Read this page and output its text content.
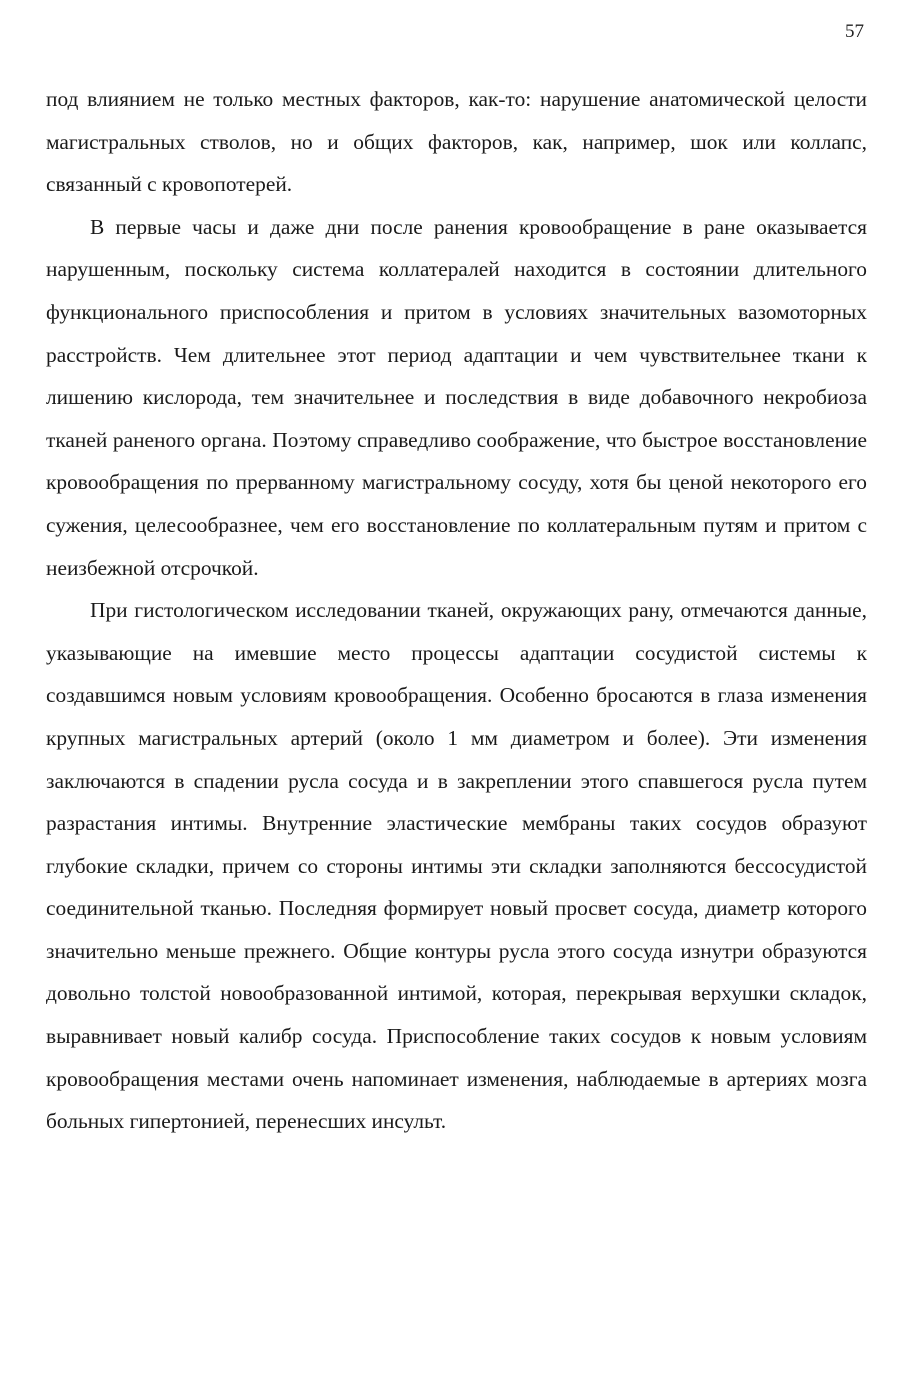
57

под влиянием не только местных факторов, как-то: нарушение анатомической целости магистральных стволов, но и общих факторов, как, например, шок или коллапс, связанный с кровопотерей.

В первые часы и даже дни после ранения кровообращение в ране оказывается нарушенным, поскольку система коллатералей находится в состоянии длительного функционального приспособления и притом в условиях значительных вазомоторных расстройств. Чем длительнее этот период адаптации и чем чувствительнее ткани к лишению кислорода, тем значительнее и последствия в виде добавочного некробиоза тканей раненого органа. Поэтому справедливо соображение, что быстрое восстановление кровообращения по прерванному магистральному сосуду, хотя бы ценой некоторого его сужения, целесообразнее, чем его восстановление по коллатеральным путям и притом с неизбежной отсрочкой.

При гистологическом исследовании тканей, окружающих рану, отмечаются данные, указывающие на имевшие место процессы адаптации сосудистой системы к создавшимся новым условиям кровообращения. Особенно бросаются в глаза изменения крупных магистральных артерий (около 1 мм диаметром и более). Эти изменения заключаются в спадении русла сосуда и в закреплении этого спавшегося русла путем разрастания интимы. Внутренние эластические мембраны таких сосудов образуют глубокие складки, причем со стороны интимы эти складки заполняются бессосудистой соединительной тканью. Последняя формирует новый просвет сосуда, диаметр которого значительно меньше прежнего. Общие контуры русла этого сосуда изнутри образуются довольно толстой новообразованной интимой, которая, перекрывая верхушки складок, выравнивает новый калибр сосуда. Приспособление таких сосудов к новым условиям кровообращения местами очень напоминает изменения, наблюдаемые в артериях мозга больных гипертонией, перенесших инсульт.
